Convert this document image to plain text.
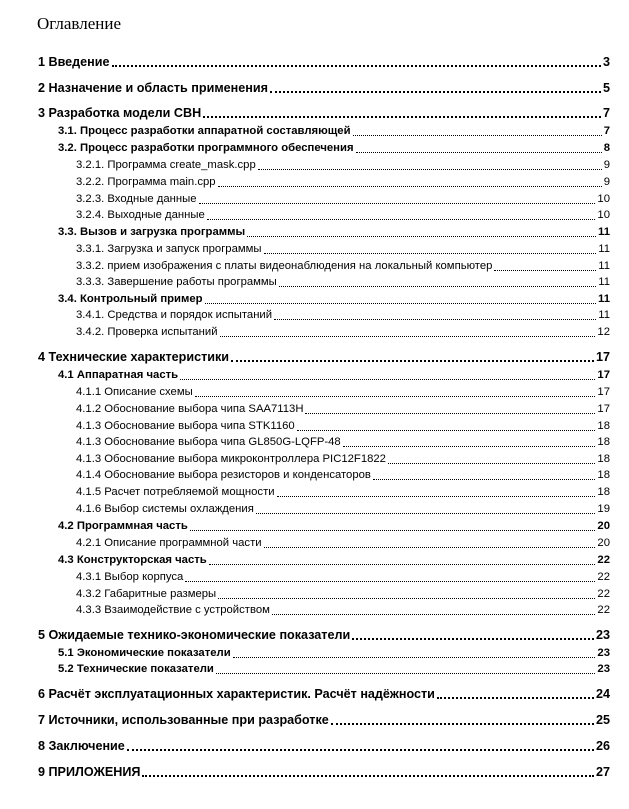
Оглавление
1 Введение	3
2 Назначение и область применения	5
3 Разработка модели СВН	7
3.1. Процесс разработки аппаратной составляющей	7
3.2. Процесс разработки программного обеспечения	8
3.2.1. Программа create_mask.cpp	9
3.2.2. Программа main.cpp	9
3.2.3. Входные данные	10
3.2.4. Выходные данные	10
3.3. Вызов и загрузка программы	11
3.3.1. Загрузка и запуск программы	11
3.3.2. прием изображения с платы видеонаблюдения на локальный компьютер	11
3.3.3. Завершение работы программы	11
3.4. Контрольный пример	11
3.4.1. Средства и порядок испытаний	11
3.4.2. Проверка испытаний	12
4 Технические характеристики	17
4.1 Аппаратная часть	17
4.1.1 Описание схемы	17
4.1.2 Обоснование выбора чипа SAA7113H	17
4.1.3 Обоснование выбора чипа STK1160	18
4.1.3 Обоснование выбора чипа GL850G-LQFP-48	18
4.1.3 Обоснование выбора микроконтроллера PIC12F1822	18
4.1.4 Обоснование выбора резисторов и конденсаторов	18
4.1.5 Расчет потребляемой мощности	18
4.1.6 Выбор системы охлаждения	19
4.2 Программная часть	20
4.2.1 Описание программной части	20
4.3 Конструкторская часть	22
4.3.1 Выбор корпуса	22
4.3.2 Габаритные размеры	22
4.3.3 Взаимодействие с устройством	22
5 Ожидаемые технико-экономические показатели	23
5.1 Экономические показатели	23
5.2 Технические показатели	23
6 Расчёт эксплуатационных характеристик. Расчёт надёжности	24
7 Источники, использованные при разработке	25
8 Заключение	26
9 ПРИЛОЖЕНИЯ	27
